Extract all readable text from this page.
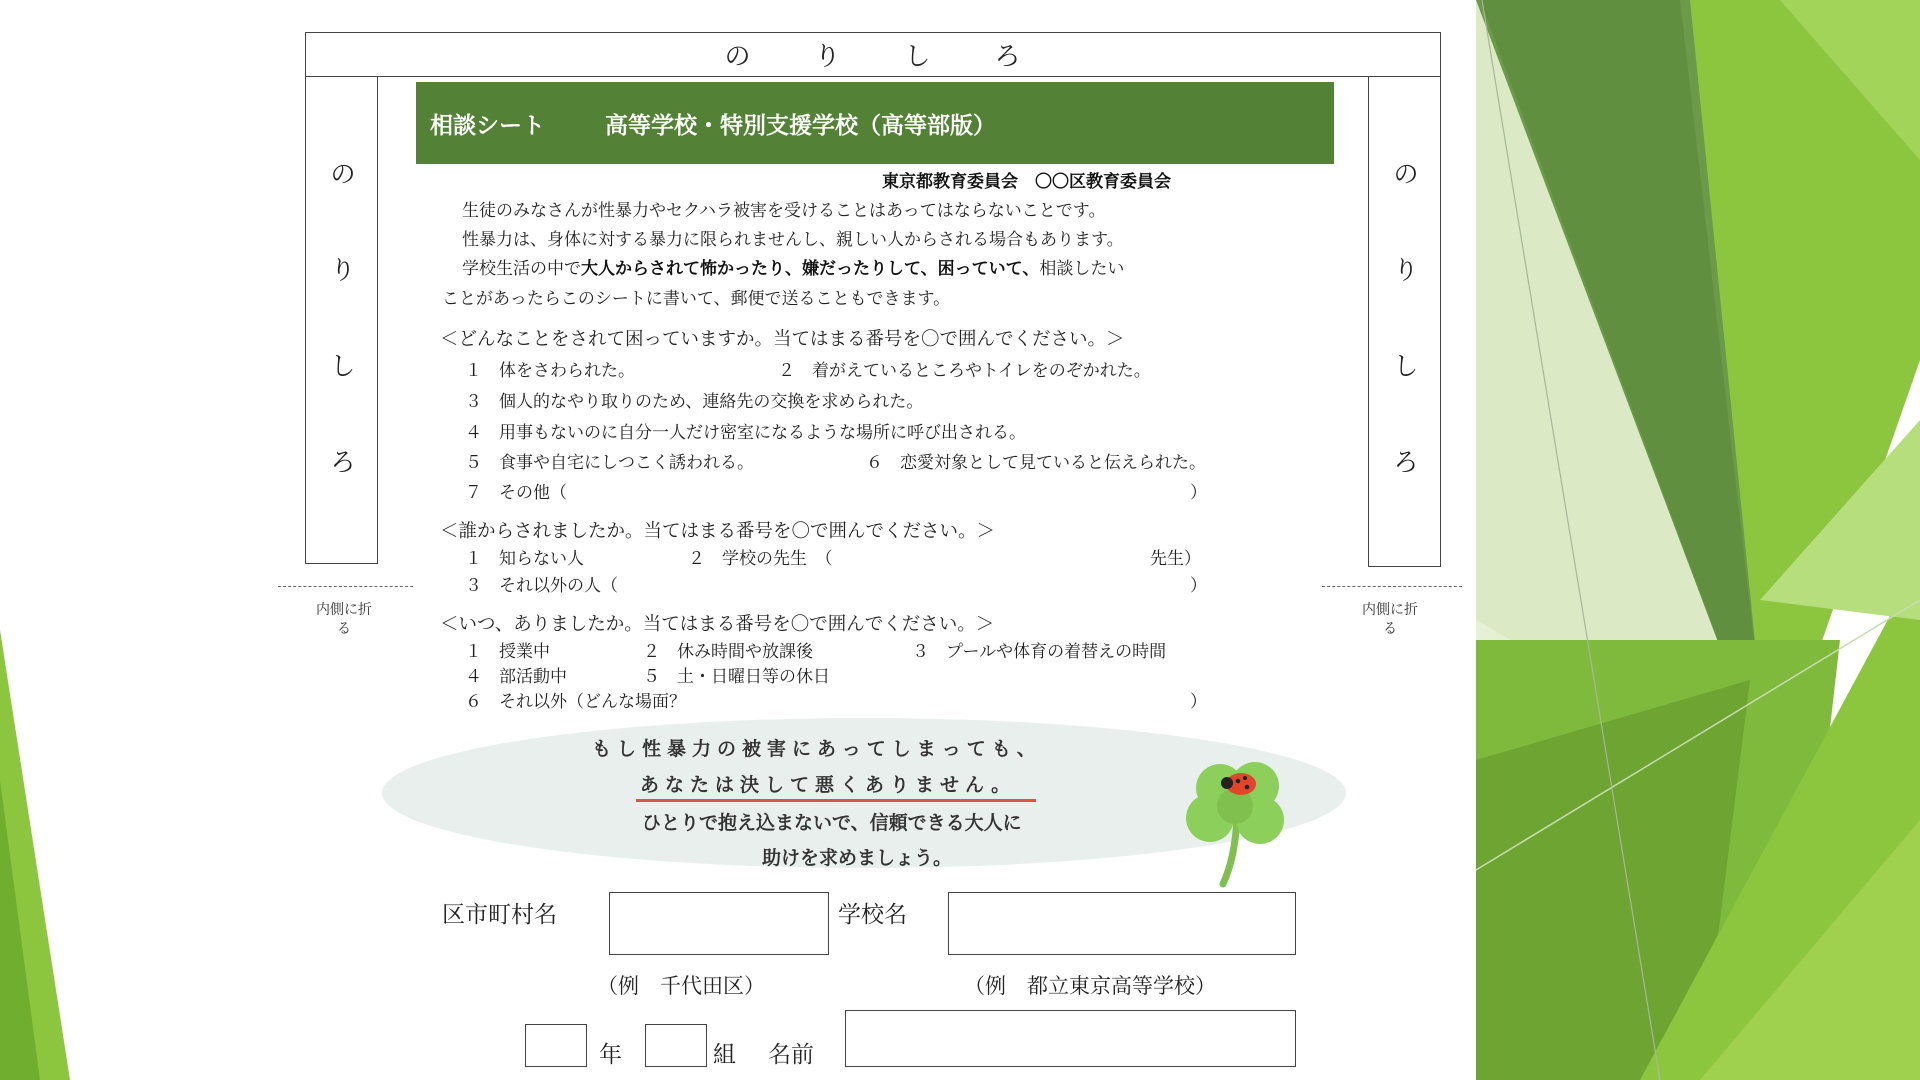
のりしろ
のりしろ	のりしろ
内側に折る
内側に折る
相談シート	高等学校・特別支援学校（高等部版）
東京都教育委員会　〇〇区教育委員会
生徒のみなさんが性暴力やセクハラ被害を受けることはあってはならないことです。
性暴力は、身体に対する暴力に限られませんし、親しい人からされる場合もあります。
学校生活の中で大人からされて怖かったり、嫌だったりして、困っていて、相談したい
ことがあったらこのシートに書いて、郵便で送ることもできます。
＜どんなことをされて困っていますか。当てはまる番号を〇で囲んでください。＞
１　体をさわられた。	２　着がえているところやトイレをのぞかれた。
３　個人的なやり取りのため、連絡先の交換を求められた。
４　用事もないのに自分一人だけ密室になるような場所に呼び出される。
５　食事や自宅にしつこく誘われる。	６　恋愛対象として見ていると伝えられた。
７　その他（	）
＜誰からされましたか。当てはまる番号を〇で囲んでください。＞
１　知らない人	２　学校の先生　（	先生）
３　それ以外の人（	）
＜いつ、ありましたか。当てはまる番号を〇で囲んでください。＞
１　授業中	２　休み時間や放課後	３　プールや体育の着替えの時間
４　部活動中	５　土・日曜日等の休日
６　それ以外（どんな場面？	）
もし性暴力の被害にあってしまっても、
あなたは決して悪くありません。
ひとりで抱え込まないで、信頼できる大人に
助けを求めましょう。
区市町村名	学校名
（例　千代田区）	（例　都立東京高等学校）
年	組 名前
